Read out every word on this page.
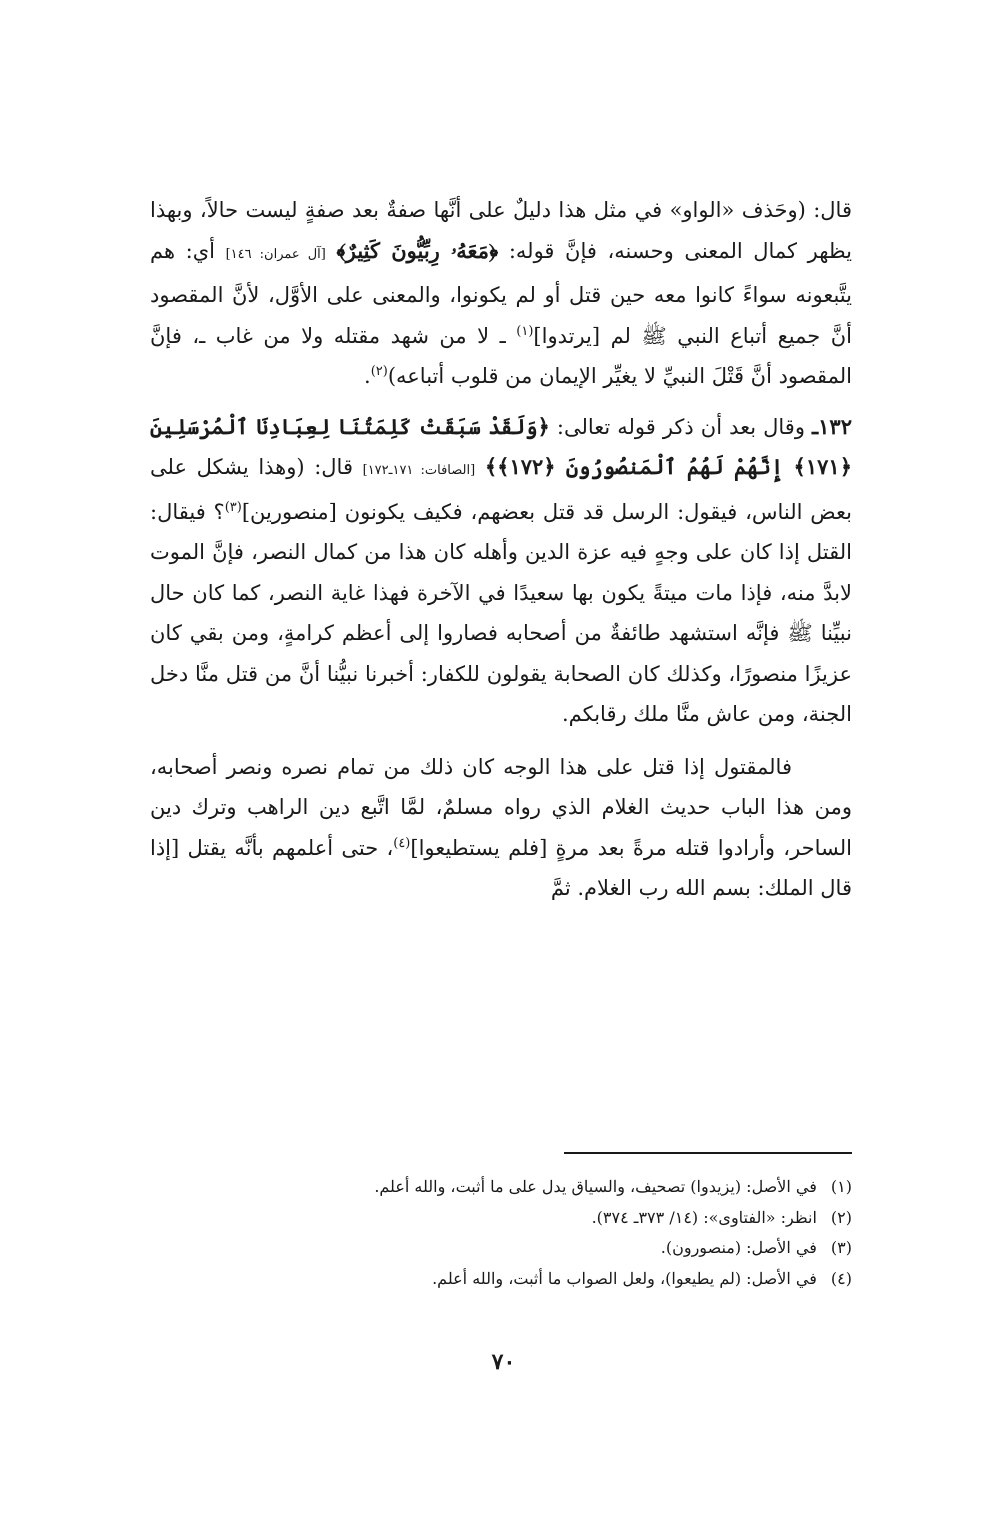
قال: (وحَذف «الواو» في مثل هذا دليلٌ على أنَّها صفةٌ بعد صفةٍ ليست حالاً، وبهذا يظهر كمال المعنى وحسنه، فإنَّ قوله: ﴿مَعَهُۥ رِبِّيُّونَ كَثِيرٌ﴾ [آل عمران: ١٤٦] أي: هم يتَّبعونه سواءً كانوا معه حين قتل أو لم يكونوا، والمعنى على الأوَّل، لأنَّ المقصود أنَّ جميع أتباع النبي ﷺ لم [يرتدوا]$^{(١)}$ ـ لا من شهد مقتله ولا من غاب ـ، فإنَّ المقصود أنَّ قَتْلَ النبيِّ لا يغيِّر الإيمان من قلوب أتباعه)$^{(٢)}$.

١٣٢ـ وقال بعد أن ذكر قوله تعالى: ﴿وَلَقَدْ سَبَقَتْ كَلِمَتُنَا لِعِبَادِنَا ٱلْمُرْسَلِينَ ﴿١٧١﴾ إِنَّهُمْ لَهُمُ ٱلْمَنصُورُونَ ﴿١٧٢﴾﴾ [الصافات: ١٧١ـ١٧٢] قال: (وهذا يشكل على بعض الناس، فيقول: الرسل قد قتل بعضهم، فكيف يكونون [منصورين]$^{(٣)}$؟ فيقال: القتل إذا كان على وجهٍ فيه عزة الدين وأهله كان هذا من كمال النصر، فإنَّ الموت لابدَّ منه، فإذا مات ميتةً يكون بها سعيدًا في الآخرة فهذا غاية النصر، كما كان حال نبيِّنا ﷺ فإنَّه استشهد طائفةٌ من أصحابه فصاروا إلى أعظم كرامةٍ، ومن بقي كان عزيزًا منصورًا، وكذلك كان الصحابة يقولون للكفار: أخبرنا نبيُّنا أنَّ من قتل منَّا دخل الجنة، ومن عاش منَّا ملك رقابكم.

فالمقتول إذا قتل على هذا الوجه كان ذلك من تمام نصره ونصر أصحابه، ومن هذا الباب حديث الغلام الذي رواه مسلمٌ، لمَّا اتَّبع دين الراهب وترك دين الساحر، وأرادوا قتله مرةً بعد مرةٍ [فلم يستطيعوا]$^{(٤)}$، حتى أعلمهم بأنَّه يقتل [إذا قال الملك: بسم الله رب الغلام. ثمَّ

(١)في الأصل: (يزيدوا) تصحيف، والسياق يدل على ما أثبت، والله أعلم.

(٢)انظر: «الفتاوى»: (١٤/ ٣٧٣ـ ٣٧٤).

(٣)في الأصل: (منصورون).

(٤)في الأصل: (لم يطيعوا)، ولعل الصواب ما أثبت، والله أعلم.

٧٠
